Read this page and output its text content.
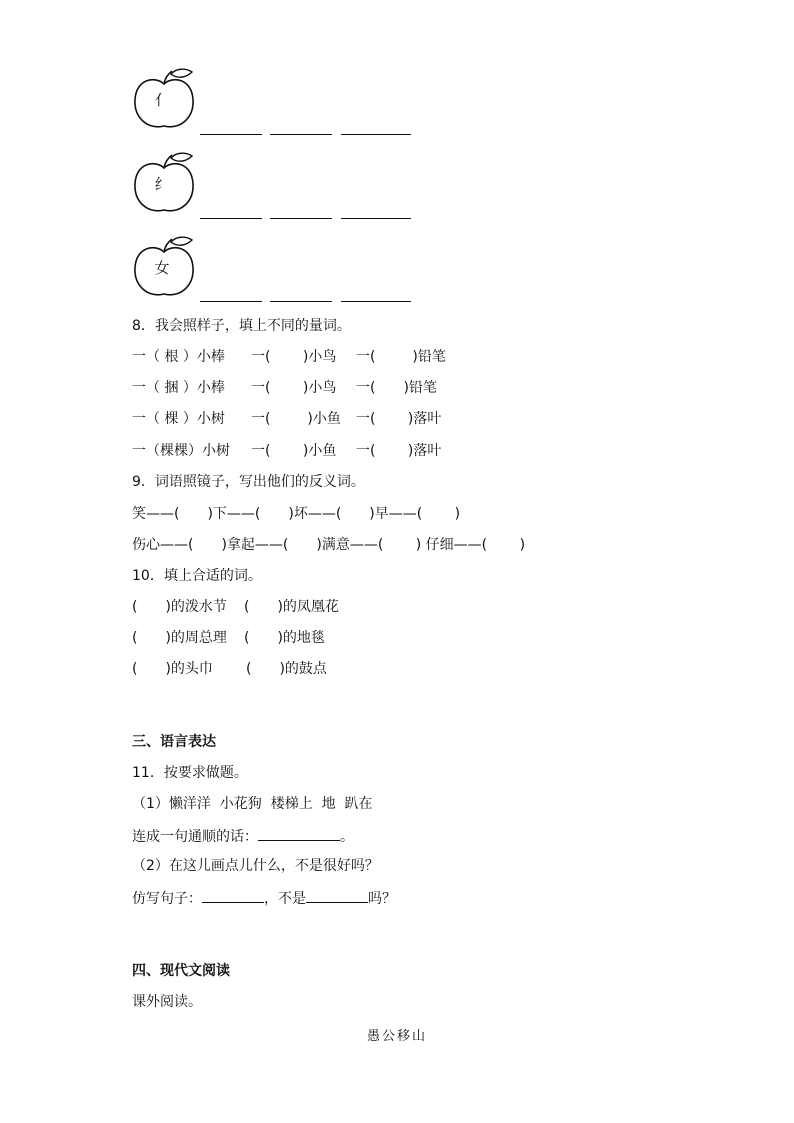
亻
纟
女
8．我会照样子，填上不同的量词。
一（ 根 ）小棒 一(　　 )小鸟 一(　　  )铅笔
一（ 捆 ）小棒 一(　　 )小鸟 一(　　)铅笔
一（ 棵 ）小树 一(　　  )小鱼 一(　　 )落叶
一（棵棵）小树 一(　　 )小鱼 一(　　 )落叶
9．词语照镜子，写出他们的反义词。
笑——(　　)下——(　　)坏——(　　)早——(　　 )
伤心——(　　)拿起——(　　)满意——(　　 ) 仔细——(　　 )
10．填上合适的词。
(　　)的泼水节 (　　)的凤凰花
(　　)的周总理 (　　)的地毯
(　　)的头巾 (　　)的鼓点
三、语言表达
11．按要求做题。
（1）懒洋洋  小花狗  楼梯上  地  趴在
连成一句通顺的话：	。
（2）在这儿画点儿什么，不是很好吗？
仿写句子：	，不是	吗？
四、现代文阅读
课外阅读。
愚公移山
